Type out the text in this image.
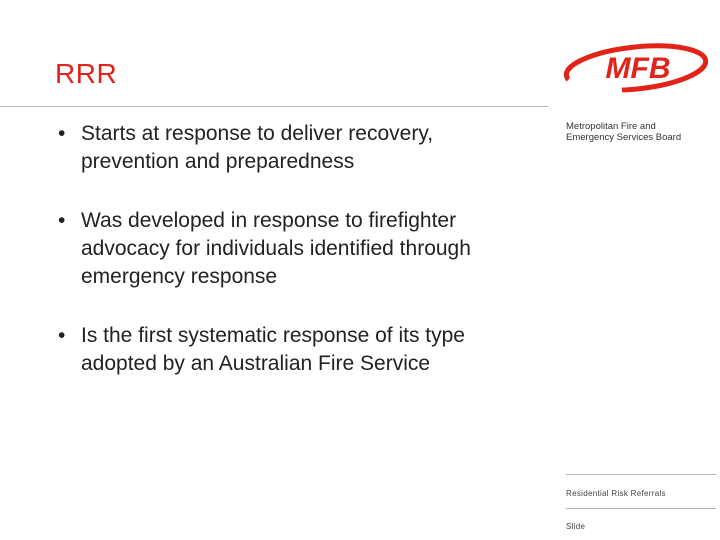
RRR	MFB
Metropolitan Fire and
Emergency Services Board
• Starts at response to deliver recovery, prevention and preparedness
• Was developed in response to firefighter advocacy for individuals identified through emergency response
• Is the first systematic response of its type adopted by an Australian Fire Service
Residential Risk Referrals
Slide
